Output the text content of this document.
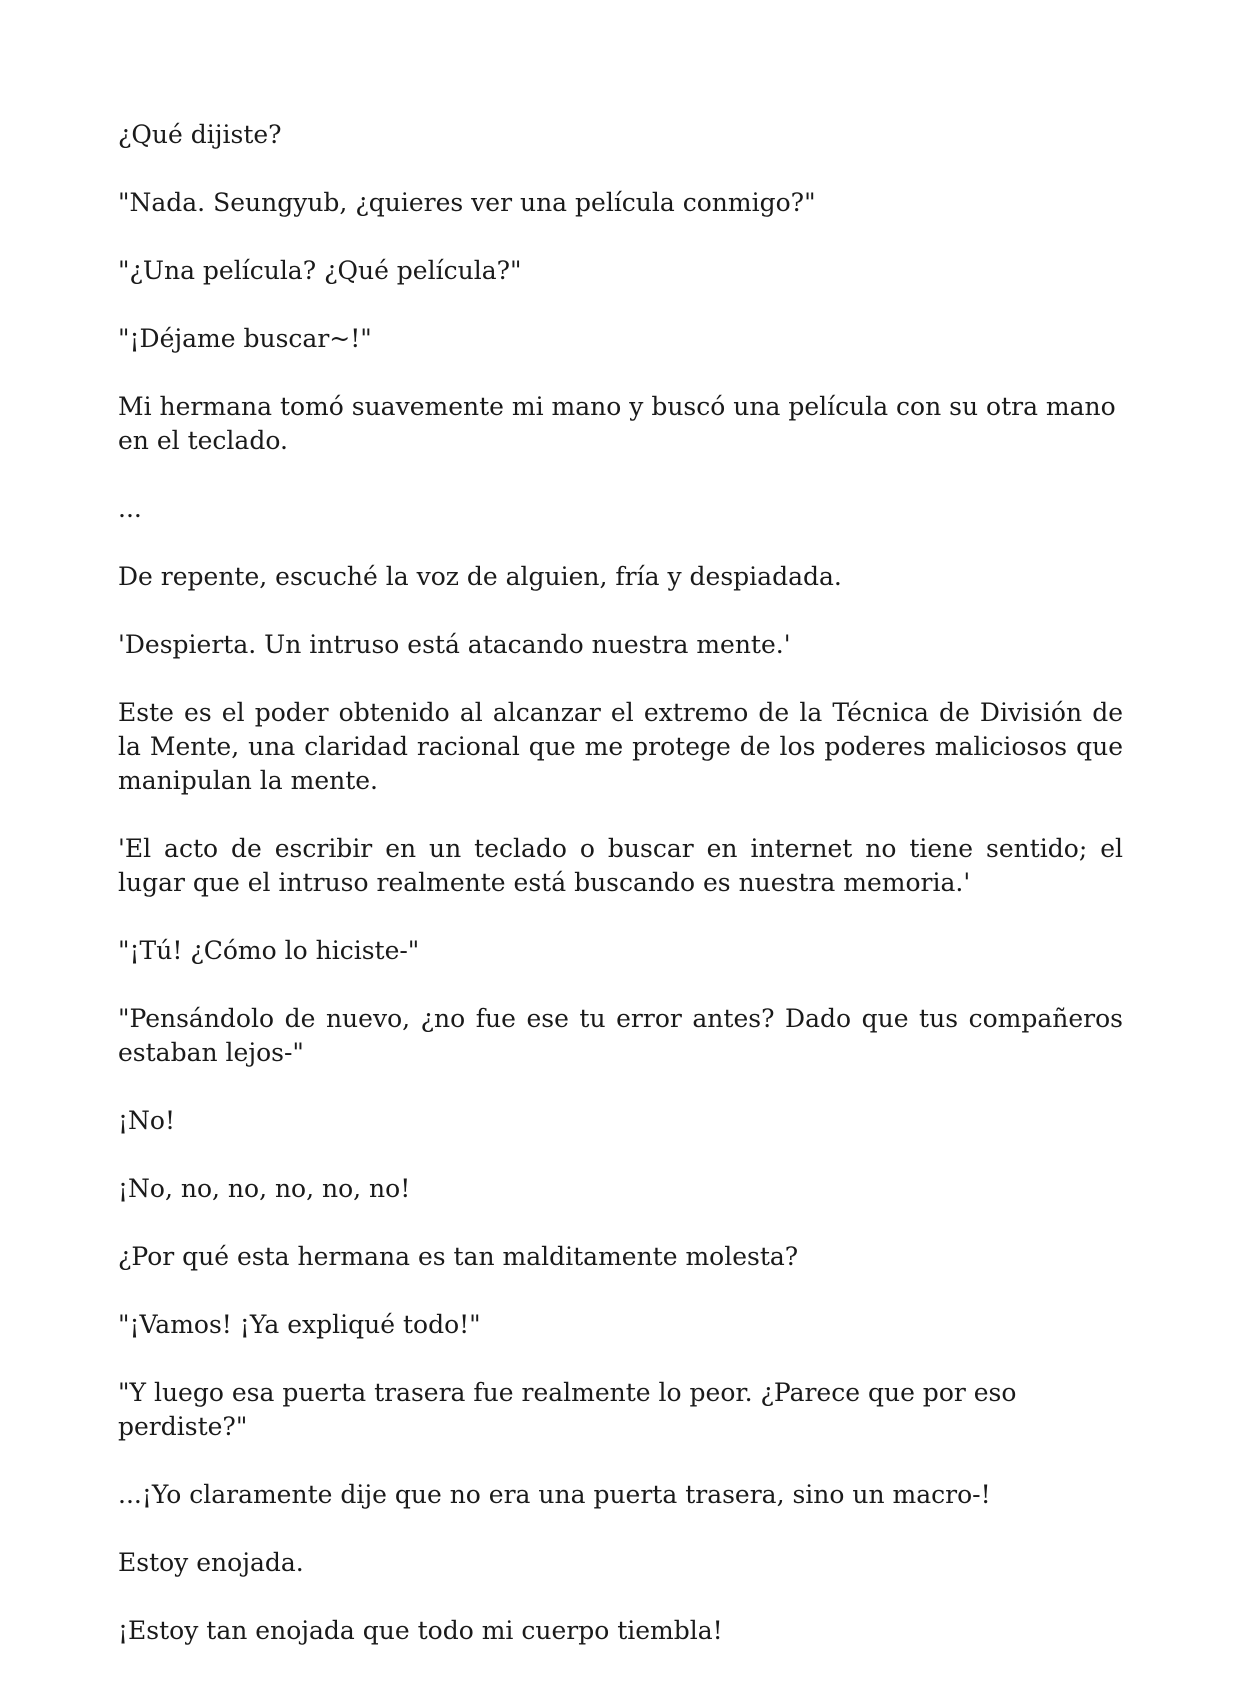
¿Qué dijiste?

"Nada. Seungyub, ¿quieres ver una película conmigo?"

"¿Una película? ¿Qué película?"

"¡Déjame buscar~!"

Mi hermana tomó suavemente mi mano y buscó una película con su otra mano en el teclado.

...

De repente, escuché la voz de alguien, fría y despiadada.

'Despierta. Un intruso está atacando nuestra mente.'

Este es el poder obtenido al alcanzar el extremo de la Técnica de División de la Mente, una claridad racional que me protege de los poderes maliciosos que manipulan la mente.

'El acto de escribir en un teclado o buscar en internet no tiene sentido; el lugar que el intruso realmente está buscando es nuestra memoria.'

"¡Tú! ¿Cómo lo hiciste-"

"Pensándolo de nuevo, ¿no fue ese tu error antes? Dado que tus compañeros estaban lejos-"

¡No!

¡No, no, no, no, no, no!

¿Por qué esta hermana es tan malditamente molesta?

"¡Vamos! ¡Ya expliqué todo!"

"Y luego esa puerta trasera fue realmente lo peor. ¿Parece que por eso perdiste?"

...¡Yo claramente dije que no era una puerta trasera, sino un macro-!

Estoy enojada.

¡Estoy tan enojada que todo mi cuerpo tiembla!
